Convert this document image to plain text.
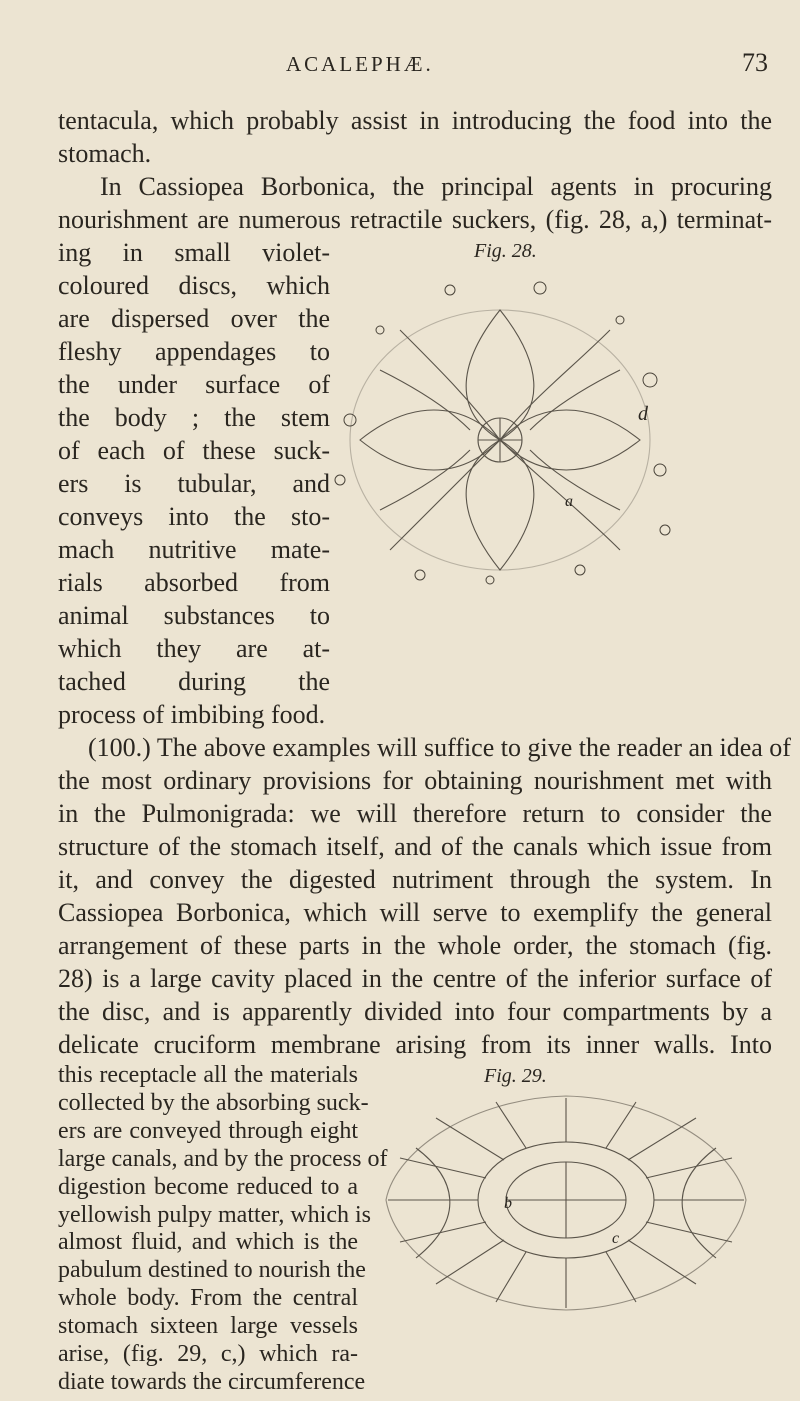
ACALEPHÆ.	73
tentacula, which probably assist in introducing the food into the
stomach.
In Cassiopea Borbonica, the principal agents in procuring
nourishment are numerous retractile suckers, (fig. 28, a,) terminat-
ing in small violet-
coloured discs, which
are dispersed over the
fleshy appendages to
the under surface of
the body ; the stem
of each of these suck-
ers is tubular, and
conveys into the sto-
mach nutritive mate-
rials absorbed from
animal substances to
which they are at-
tached during the
process of imbibing food.
(100.) The above examples will suffice to give the reader an idea of
the most ordinary provisions for obtaining nourishment met with
in the Pulmonigrada: we will therefore return to consider the
structure of the stomach itself, and of the canals which issue from
it, and convey the digested nutriment through the system. In
Cassiopea Borbonica, which will serve to exemplify the general
arrangement of these parts in the whole order, the stomach (fig.
28) is a large cavity placed in the centre of the inferior surface of
the disc, and is apparently divided into four compartments by a
delicate cruciform membrane arising from its inner walls. Into
this receptacle all the materials
collected by the absorbing suck-
ers are conveyed through eight
large canals, and by the process of
digestion become reduced to a
yellowish pulpy matter, which is
almost fluid, and which is the
pabulum destined to nourish the
whole body. From the central
stomach sixteen large vessels
arise, (fig. 29, c,) which ra-
diate towards the circumference
Fig. 28.
d
a
Fig. 29.
b
c
